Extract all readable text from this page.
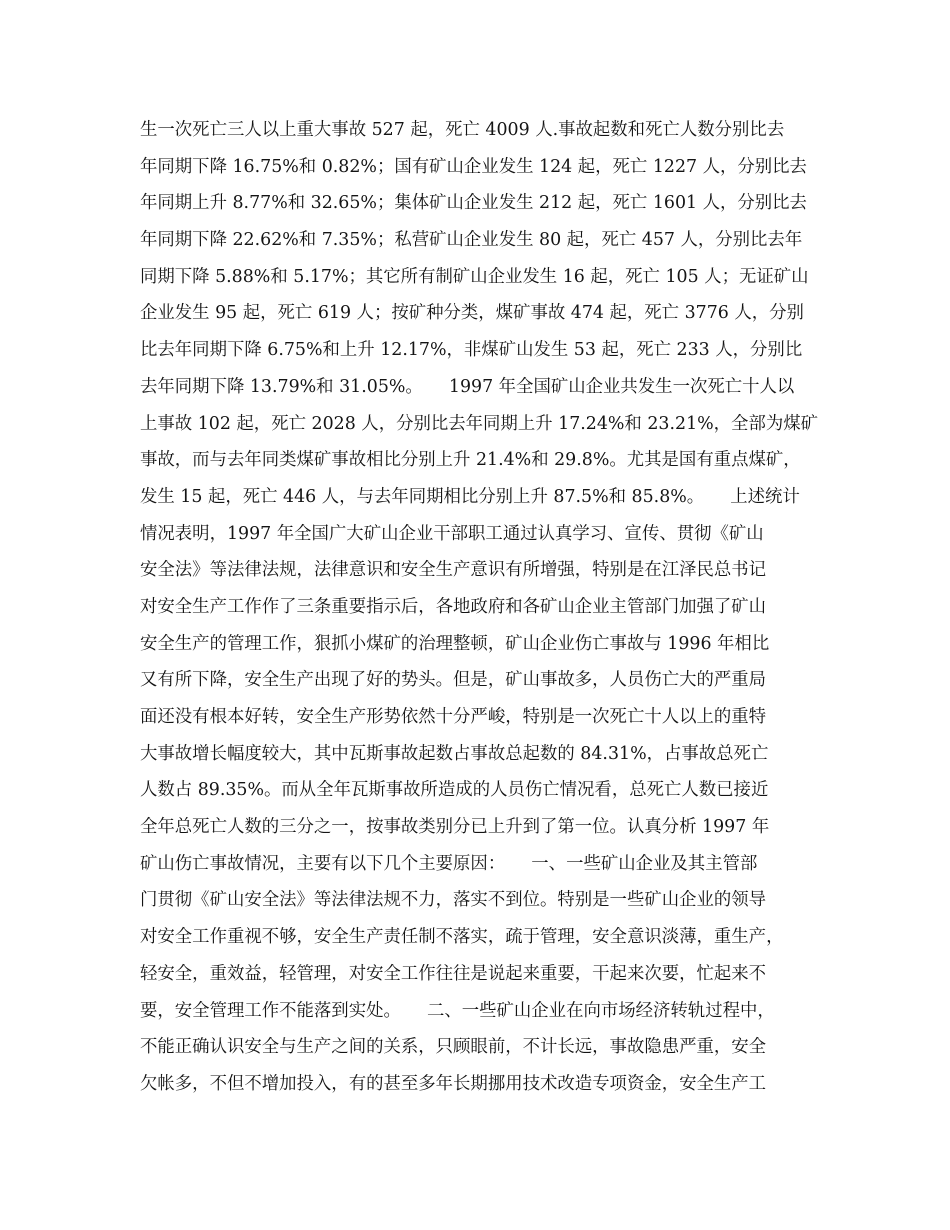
生一次死亡三人以上重大事故 527 起，死亡 4009 人.事故起数和死亡人数分别比去
年同期下降 16.75%和 0.82%；国有矿山企业发生 124 起，死亡 1227 人，分别比去
年同期上升 8.77%和 32.65%；集体矿山企业发生 212 起，死亡 1601 人，分别比去
年同期下降 22.62%和 7.35%；私营矿山企业发生 80 起，死亡 457 人，分别比去年
同期下降 5.88%和 5.17%；其它所有制矿山企业发生 16 起，死亡 105 人；无证矿山
企业发生 95 起，死亡 619 人；按矿种分类，煤矿事故 474 起，死亡 3776 人，分别
比去年同期下降 6.75%和上升 12.17%，非煤矿山发生 53 起，死亡 233 人，分别比
去年同期下降 13.79%和 31.05%。　　1997 年全国矿山企业共发生一次死亡十人以
上事故 102 起，死亡 2028 人，分别比去年同期上升 17.24%和 23.21%，全部为煤矿
事故，而与去年同类煤矿事故相比分别上升 21.4%和 29.8%。尤其是国有重点煤矿，
发生 15 起，死亡 446 人，与去年同期相比分别上升 87.5%和 85.8%。　　上述统计
情况表明，1997 年全国广大矿山企业干部职工通过认真学习、宣传、贯彻《矿山
安全法》等法律法规，法律意识和安全生产意识有所增强，特别是在江泽民总书记
对安全生产工作作了三条重要指示后，各地政府和各矿山企业主管部门加强了矿山
安全生产的管理工作，狠抓小煤矿的治理整顿，矿山企业伤亡事故与 1996 年相比
又有所下降，安全生产出现了好的势头。但是，矿山事故多，人员伤亡大的严重局
面还没有根本好转，安全生产形势依然十分严峻，特别是一次死亡十人以上的重特
大事故增长幅度较大，其中瓦斯事故起数占事故总起数的 84.31%，占事故总死亡
人数占 89.35%。而从全年瓦斯事故所造成的人员伤亡情况看，总死亡人数已接近
全年总死亡人数的三分之一，按事故类别分已上升到了第一位。认真分析 1997 年
矿山伤亡事故情况，主要有以下几个主要原因：　　一、一些矿山企业及其主管部
门贯彻《矿山安全法》等法律法规不力，落实不到位。特别是一些矿山企业的领导
对安全工作重视不够，安全生产责任制不落实，疏于管理，安全意识淡薄，重生产，
轻安全，重效益，轻管理，对安全工作往往是说起来重要，干起来次要，忙起来不
要，安全管理工作不能落到实处。　　二、一些矿山企业在向市场经济转轨过程中，
不能正确认识安全与生产之间的关系，只顾眼前，不计长远，事故隐患严重，安全
欠帐多，不但不增加投入，有的甚至多年长期挪用技术改造专项资金，安全生产工
